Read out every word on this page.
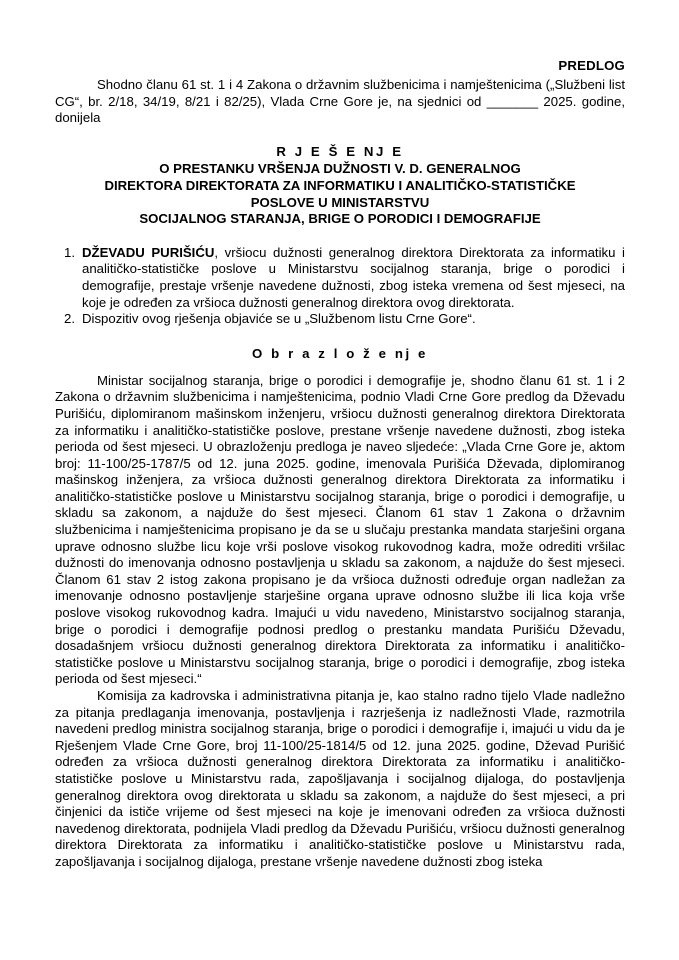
PREDLOG

Shodno članu 61 st. 1 i 4 Zakona o državnim službenicima i namještenicima („Službeni list CG“, br. 2/18, 34/19, 8/21 i 82/25), Vlada Crne Gore je, na sjednici od _______ 2025. godine, donijela

R J E Š E NJ E
O PRESTANKU VRŠENJA DUŽNOSTI V. D. GENERALNOG
DIREKTORA DIREKTORATA ZA INFORMATIKU I ANALITIČKO-STATISTIČKE
POSLOVE U MINISTARSTVU
SOCIJALNOG STARANJA, BRIGE O PORODICI I DEMOGRAFIJE
1. DŽEVADU PURIŠIĆU, vršiocu dužnosti generalnog direktora Direktorata za informatiku i analitičko-statističke poslove u Ministarstvu socijalnog staranja, brige o porodici i demografije, prestaje vršenje navedene dužnosti, zbog isteka vremena od šest mjeseci, na koje je određen za vršioca dužnosti generalnog direktora ovog direktorata.
2. Dispozitiv ovog rješenja objaviće se u „Službenom listu Crne Gore“.
O b r a z l o ž e nj e

Ministar socijalnog staranja, brige o porodici i demografije je, shodno članu 61 st. 1 i 2 Zakona o državnim službenicima i namještenicima, podnio Vladi Crne Gore predlog da Dževadu Purišiću, diplomiranom mašinskom inženjeru, vršiocu dužnosti generalnog direktora Direktorata za informatiku i analitičko-statističke poslove, prestane vršenje navedene dužnosti, zbog isteka perioda od šest mjeseci. U obrazloženju predloga je naveo sljedeće: „Vlada Crne Gore je, aktom broj: 11-100/25-1787/5 od 12. juna 2025. godine, imenovala Purišića Dževada, diplomiranog mašinskog inženjera, za vršioca dužnosti generalnog direktora Direktorata za informatiku i analitičko-statističke poslove u Ministarstvu socijalnog staranja, brige o porodici i demografije, u skladu sa zakonom, a najduže do šest mjeseci. Članom 61 stav 1 Zakona o državnim službenicima i namještenicima propisano je da se u slučaju prestanka mandata starješini organa uprave odnosno službe licu koje vrši poslove visokog rukovodnog kadra, može odrediti vršilac dužnosti do imenovanja odnosno postavljenja u skladu sa zakonom, a najduže do šest mjeseci. Članom 61 stav 2 istog zakona propisano je da vršioca dužnosti određuje organ nadležan za imenovanje odnosno postavljenje starješine organa uprave odnosno službe ili lica koja vrše poslove visokog rukovodnog kadra. Imajući u vidu navedeno, Ministarstvo socijalnog staranja, brige o porodici i demografije podnosi predlog o prestanku mandata Purišiću Dževadu, dosadašnjem vršiocu dužnosti generalnog direktora Direktorata za informatiku i analitičko-statističke poslove u Ministarstvu socijalnog staranja, brige o porodici i demografije, zbog isteka perioda od šest mjeseci.“

Komisija za kadrovska i administrativna pitanja je, kao stalno radno tijelo Vlade nadležno za pitanja predlaganja imenovanja, postavljenja i razrješenja iz nadležnosti Vlade, razmotrila navedeni predlog ministra socijalnog staranja, brige o porodici i demografije i, imajući u vidu da je Rješenjem Vlade Crne Gore, broj 11-100/25-1814/5 od 12. juna 2025. godine, Dževad Purišić određen za vršioca dužnosti generalnog direktora Direktorata za informatiku i analitičko-statističke poslove u Ministarstvu rada, zapošljavanja i socijalnog dijaloga, do postavljenja generalnog direktora ovog direktorata u skladu sa zakonom, a najduže do šest mjeseci, a pri činjenici da ističe vrijeme od šest mjeseci na koje je imenovani određen za vršioca dužnosti navedenog direktorata, podnijela Vladi predlog da Dževadu Purišiću, vršiocu dužnosti generalnog direktora Direktorata za informatiku i analitičko-statističke poslove u Ministarstvu rada, zapošljavanja i socijalnog dijaloga, prestane vršenje navedene dužnosti zbog isteka
